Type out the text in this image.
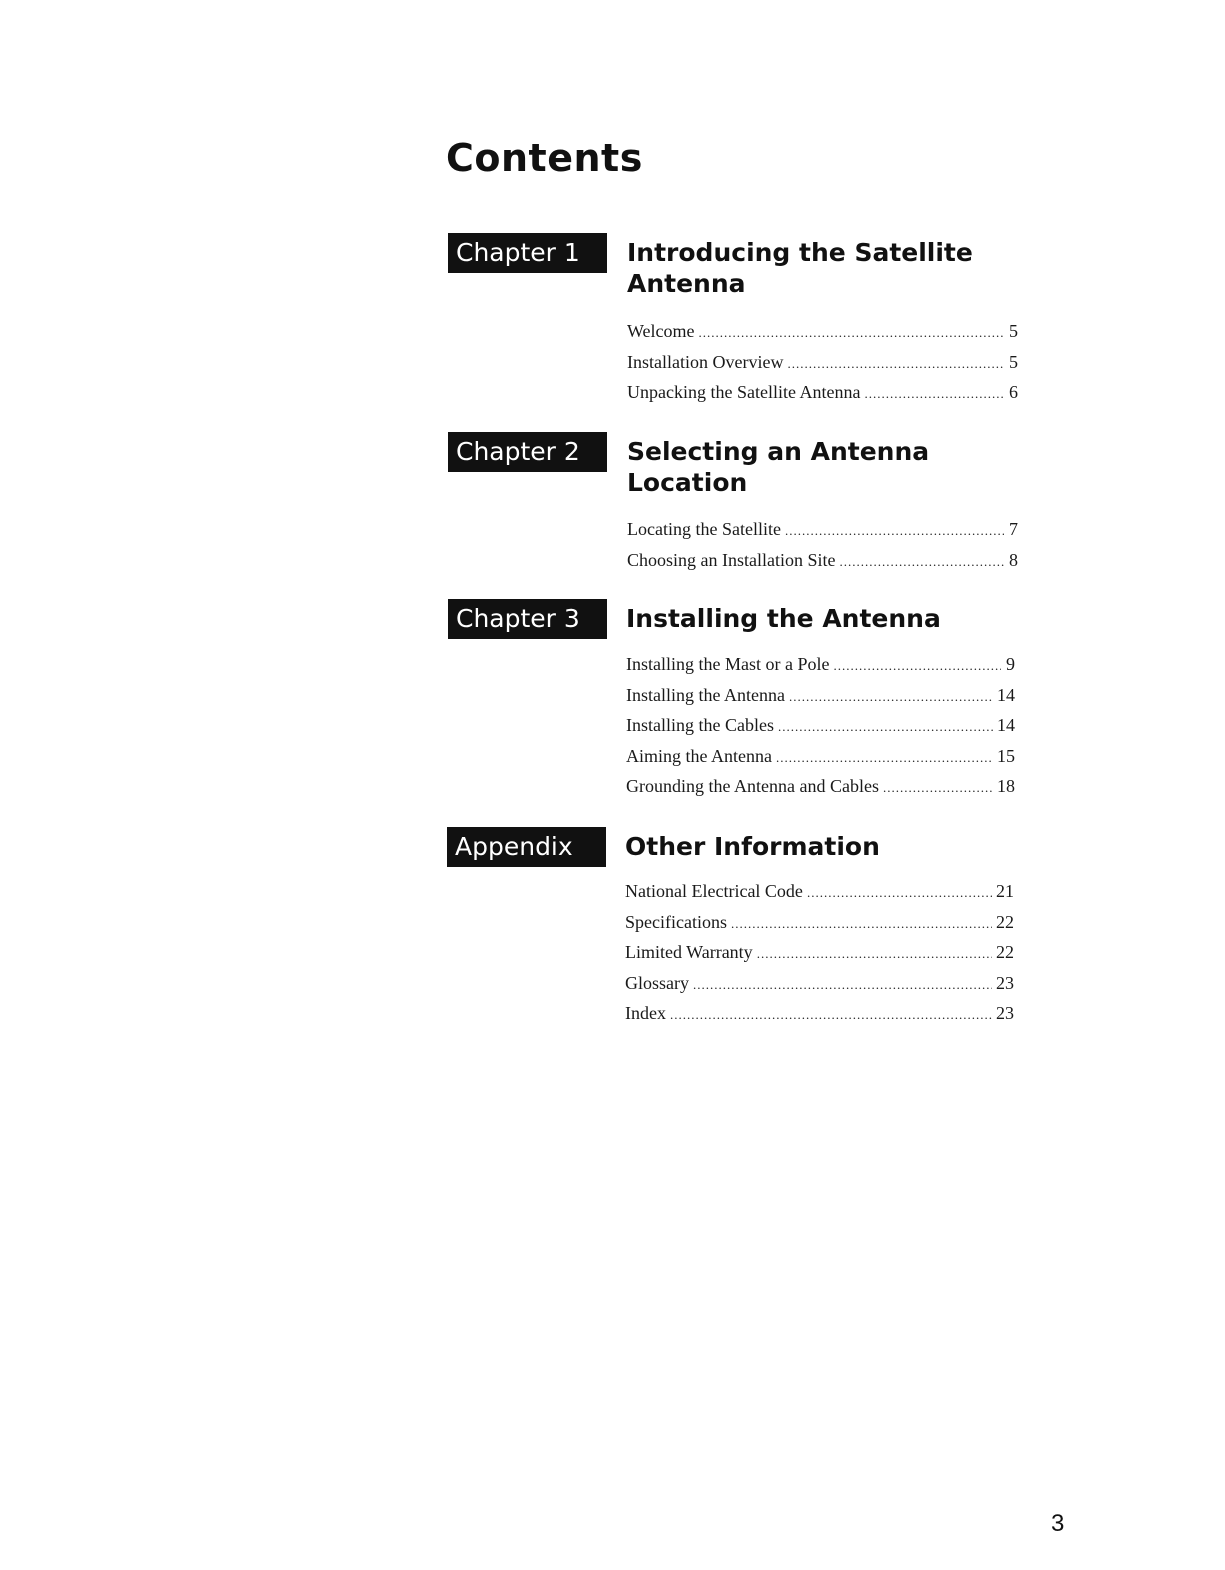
Contents
Chapter 1	Introducing the Satellite Antenna
Welcome .....	5
Installation Overview .....	5
Unpacking the Satellite Antenna .....	6
Chapter 2	Selecting an Antenna Location
Locating the Satellite .....	7
Choosing an Installation Site .....	8
Chapter 3	Installing the Antenna
Installing the Mast or a Pole .....	9
Installing the Antenna .....	14
Installing the Cables .....	14
Aiming the Antenna .....	15
Grounding the Antenna and Cables .....	18
Appendix	Other Information
National Electrical Code .....	21
Specifications .....	22
Limited Warranty .....	22
Glossary .....	23
Index .....	23
3
